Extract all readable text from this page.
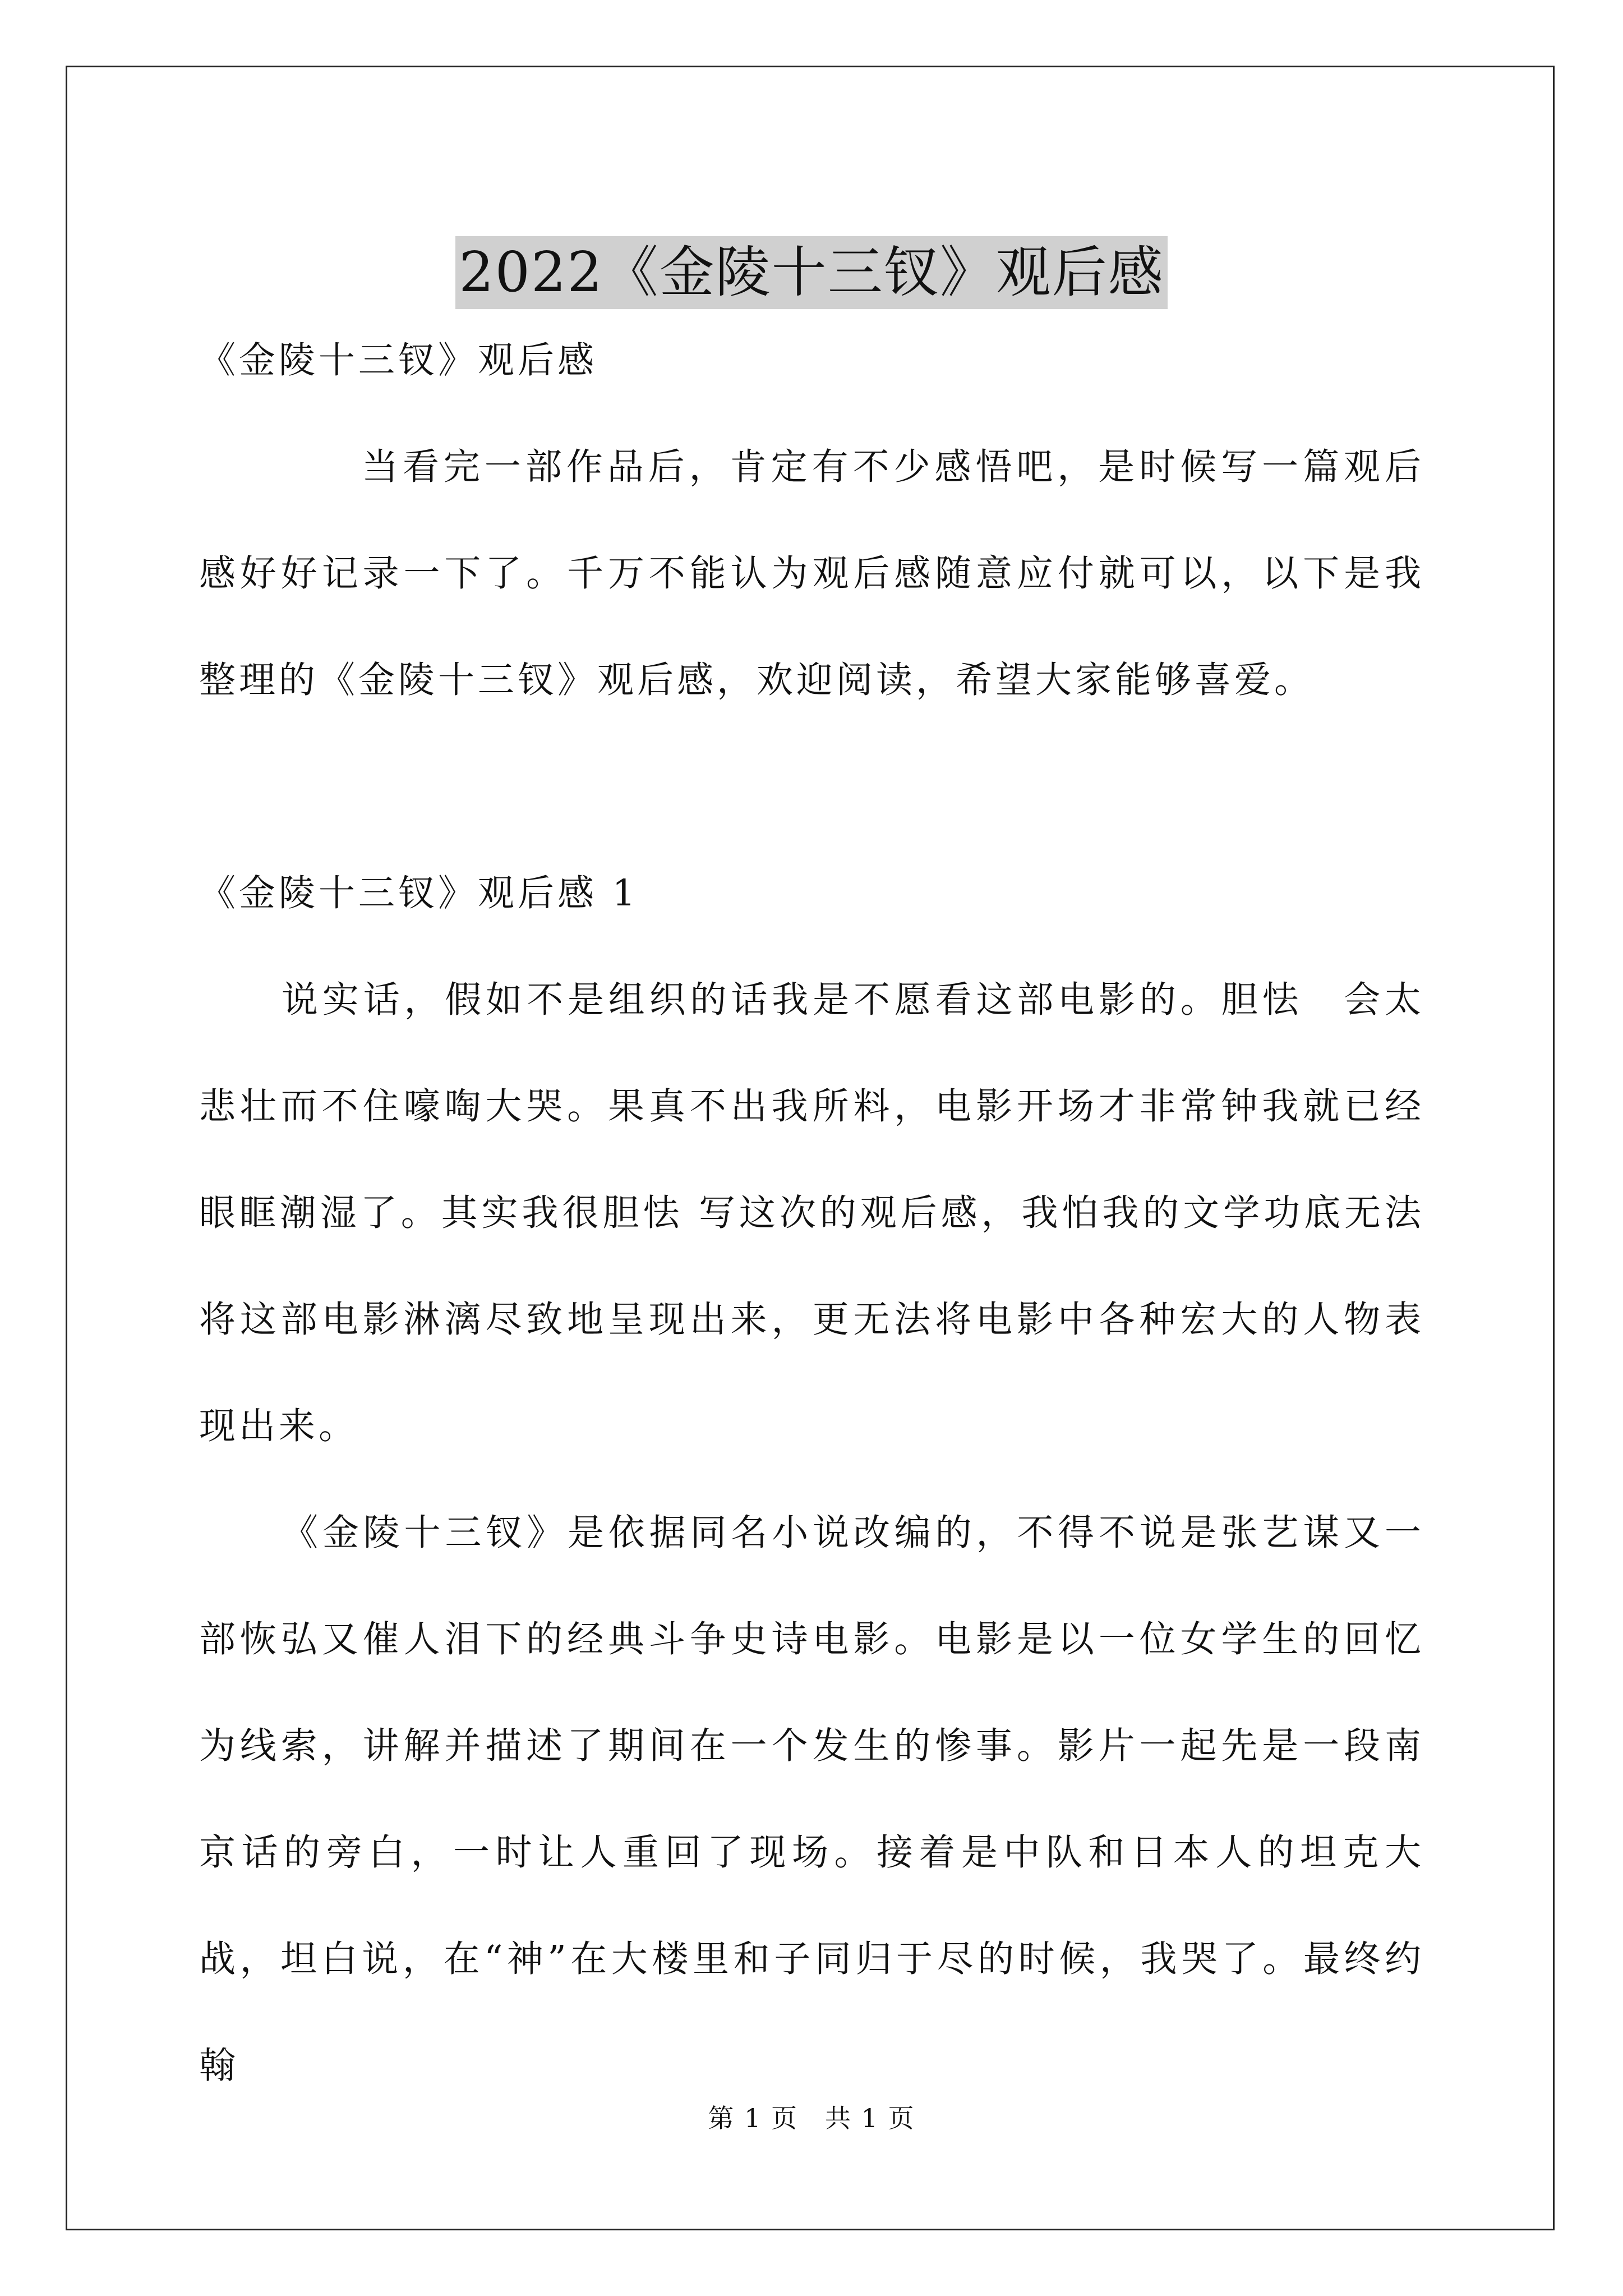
2022《金陵十三钗》观后感

《金陵十三钗》观后感

当看完一部作品后，肯定有不少感悟吧，是时候写一篇观后感好好记录一下了。千万不能认为观后感随意应付就可以，以下是我整理的《金陵十三钗》观后感，欢迎阅读，希望大家能够喜爱。

《金陵十三钗》观后感 1

说实话，假如不是组织的话我是不愿看这部电影的。胆怯　会太悲壮而不住嚎啕大哭。果真不出我所料，电影开场才非常钟我就已经眼眶潮湿了。其实我很胆怯 写这次的观后感，我怕我的文学功底无法将这部电影淋漓尽致地呈现出来，更无法将电影中各种宏大的人物表现出来。

《金陵十三钗》是依据同名小说改编的，不得不说是张艺谋又一部恢弘又催人泪下的经典斗争史诗电影。电影是以一位女学生的回忆为线索，讲解并描述了期间在一个发生的惨事。影片一起先是一段南京话的旁白，一时让人重回了现场。接着是中队和日本人的坦克大战，坦白说，在“神”在大楼里和子同归于尽的时候，我哭了。最终约翰

第 1 页　共 1 页
